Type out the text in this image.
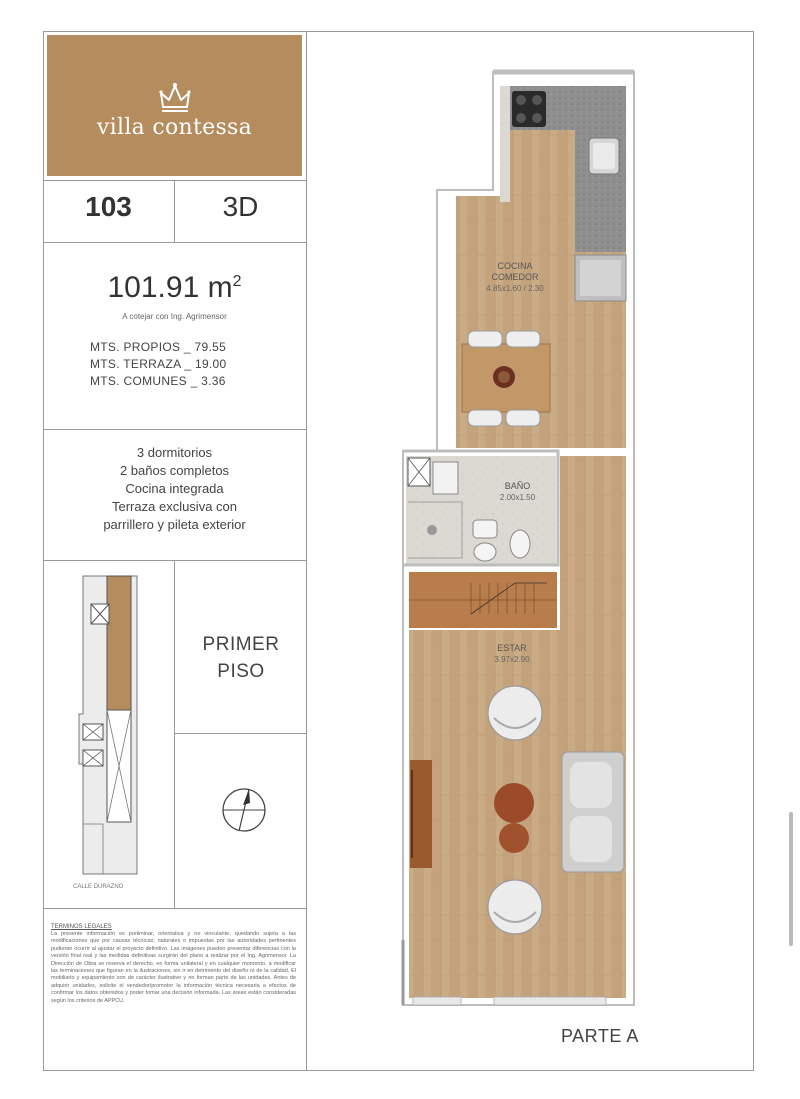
villa contessa
103	3D
101.91 $m^2$
A cotejar con Ing. Agrimensor
MTS. PROPIOS _ 79.55
MTS. TERRAZA _ 19.00
MTS. COMUNES _ 3.36
3 dormitorios
2 baños completos
Cocina integrada
Terraza exclusiva con
parrillero y pileta exterior
CALLE DURAZNO
PRIMER
PISO
TERMINOS LEGALES
La presente información es preliminar, orientativa y no vinculante, quedando sujeta a las modificaciones que por causas técnicas, naturales o impuestas por las autoridades pertinentes pudieran ocurrir al ajustar el proyecto definitivo. Las imágenes pueden presentar diferencias con la versión final real y las medidas definitivas surgirán del plano a realizar por el Ing. Agrimensor. La Dirección de Obra se reserva el derecho, en forma unilateral y en cualquier momento, a modificar las terminaciones que figuran en la ilustraciones, sin ir en detrimento del diseño ni de la calidad. El mobiliario y equipamiento son de carácter ilustrativo y no forman parte de las unidades. Antes de adquirir unidades, solicite el vendedor/promotor la información técnica necesaria a efectos de confirmar los datos obtenidos y poder tomar una decisión informada. Las áreas están consideradas según los criterios de APPCU.
COCINA
COMEDOR
4.85x1.60 / 2.30
BAÑO
2.00x1.50
ESTAR
3.97x2.90
PARTE A
